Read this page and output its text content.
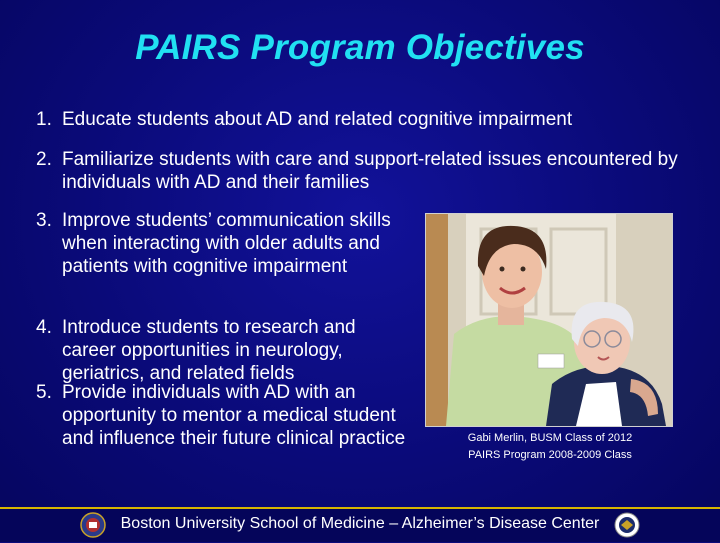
PAIRS Program Objectives
1. Educate students about AD and related cognitive impairment
2. Familiarize students with care and support-related issues encountered by individuals with AD and their families
3. Improve students’ communication skills when interacting with older adults and patients with cognitive impairment
4. Introduce students to research and career opportunities in neurology, geriatrics, and related fields
5. Provide individuals with AD with an opportunity to mentor a medical student and influence their future clinical practice	Gabi Merlin, BUSM Class of 2012
PAIRS Program 2008-2009 Class
Boston University School of Medicine – Alzheimer’s Disease Center
